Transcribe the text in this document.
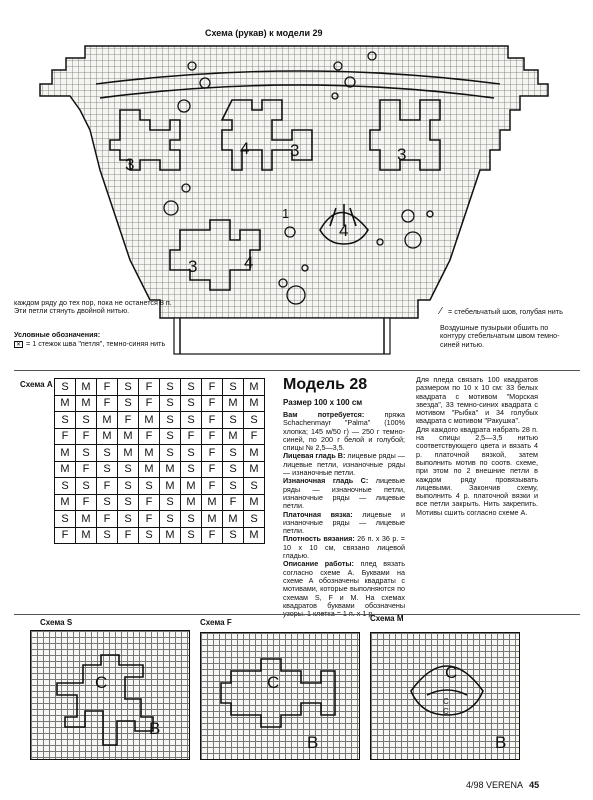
Схема (рукав) к модели 29
3
4 3	3
4
1
4
3
каждом ряду до тех пор, пока не останется 8 п. Эти петли стянуть двойной нитью.
Условные обозначения:
✕ = 1 стежок шва "петля", темно-синяя нить
⁄ = стебельчатый шов, голубая нить
Воздушные пузырьки обшить по контуру стебельчатым швом темно-синей нитью.
Схема А S	M	F	S	F	S	S	F	S	M
M	M	F	S	F	S	S	F	M	M
S	S	M	F	M	S	S	F	S	S
F	F	M	M	F	S	F	F	M	F
M	S	S	M	M	S	S	F	S	M
M	F	S	S	M	M	S	F	S	M
S	S	F	S	S	M	M	F	S	S
M	F	S	S	F	S	M	M	F	M
S	M	F	S	F	S	S	M	M	S
F	M	S	F	S	M	S	F	S	M
Модель 28
Размер 100 x 100 см
Вам потребуется:	пряжа Schachenmayr "Palma" (100% хлопка; 145 м/50 г) — 250 г темно-синей, по 200 г белой и голубой; спицы № 2,5—3,5.
Лицевая гладь В: лицевые ряды — лицевые петли, изнаночные ряды — изнаночные петли.
Изнаночная гладь С: лицевые ряды — изнаночные петли, изнаночные ряды — лицевые петли.
Платочная вязка: лицевые и изнаночные ряды — лицевые петли.
Плотность вязания: 26 п. x 36 р. = 10 x 10 см, связано лицевой гладью.
Описание работы: плед вязать согласно схеме А. Буквами на схеме А обозначены квадраты с мотивами, которые выполняются по схемам S, F и M. На схемах квадратов буквами обозначены узоры. 1 клетка = 1 п. x 1 р.
Для пледа связать 100 квадратов размером по 10 x 10 см: 33 белых квадрата с мотивом "Морская звезда", 33 темно-синих квадрата с мотивом "Рыбка" и 34 голубых квадрата с мотивом "Ракушка".
Для каждого квадрата набрать 28 п. на спицы 2,5—3,5 нитью соответствующего цвета и вязать 4 р. платочной вязкой, затем выполнить мотив по соотв. схеме, при этом по 2 внешние петли в каждом ряду провязывать лицевыми. Закончив схему, выполнить 4 р. платочной вязки и все петли закрыть. Нить закрепить. Мотивы сшить согласно схеме А.
Схема S	Схема F	Схема M
C
B
C
B
C
C
C
B
4/98 VERENA 45
